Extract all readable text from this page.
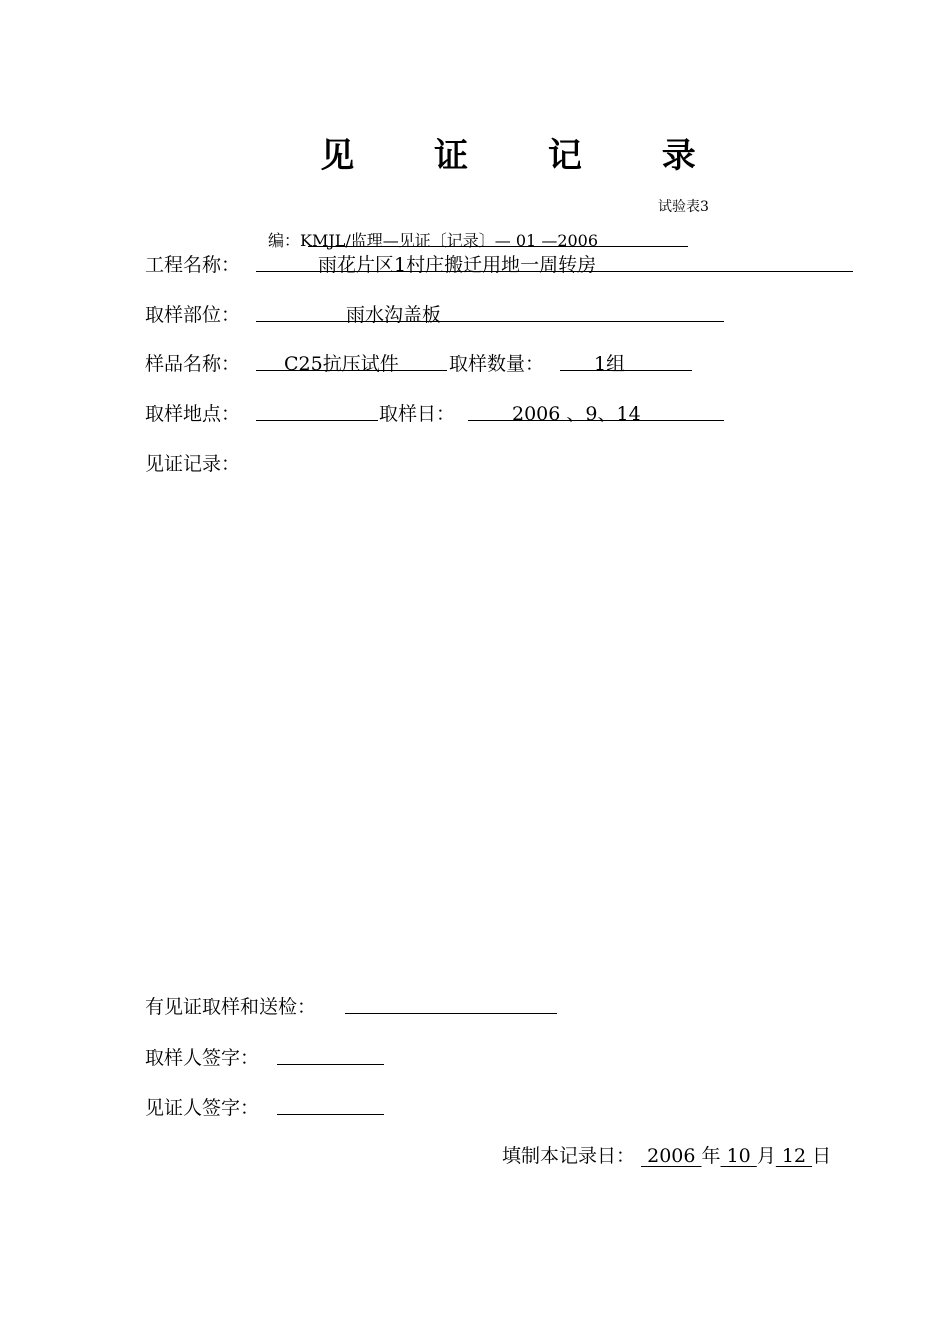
见 证 记 录
试验表3
编：KMJL/监理—见证〔记录〕— 01 —2006
工程名称：	雨花片区1村庄搬迁用地一周转房
取样部位：	雨水沟盖板
样品名称： C25抗压试件	取样数量：	1组
取样地点：	取样日：	2006 、9、14
见证记录：
有见证取样和送检：
取样人签字：
见证人签字：
填制本记录日： 2006 年 10 月 12 日
